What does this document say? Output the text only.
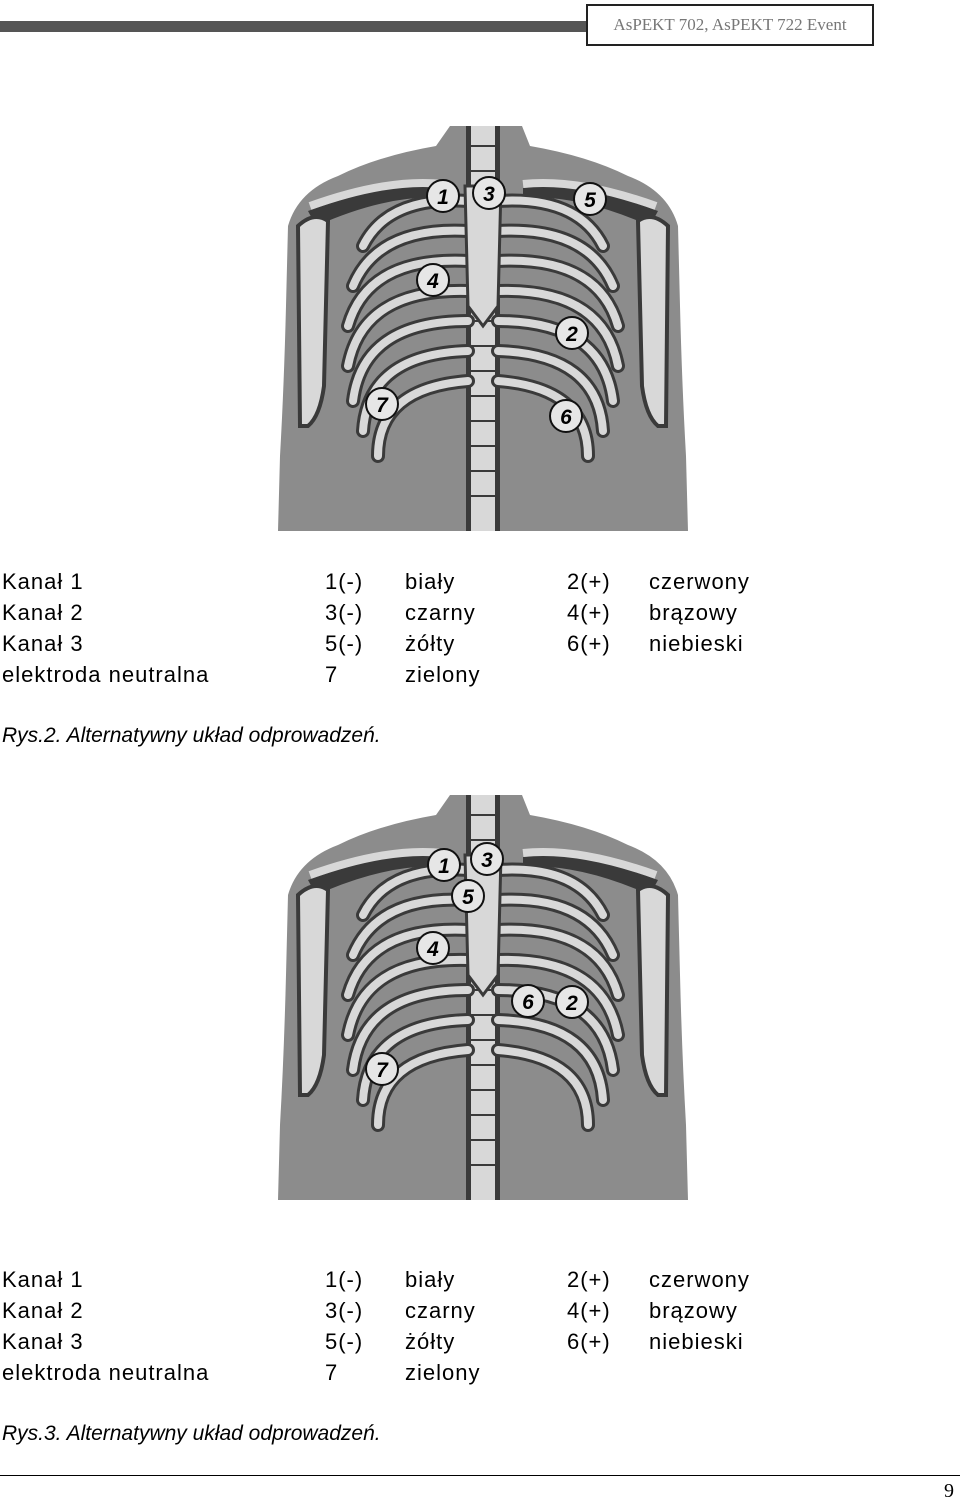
AsPEKT 702, AsPEKT 722 Event
1 3	5
4
2
7
6
Kanał 1	1(-) biały	2(+) czerwony
Kanał 2	3(-) czarny	4(+) brązowy
Kanał 3	5(-) żółty	6(+) niebieski
elektroda neutralna	7	zielony
Rys.2. Alternatywny układ odprowadzeń.
1 3
5
4
6 2
7
Kanał 1	1(-) biały	2(+) czerwony
Kanał 2	3(-) czarny	4(+) brązowy
Kanał 3	5(-) żółty	6(+) niebieski
elektroda neutralna	7	zielony
Rys.3. Alternatywny układ odprowadzeń.
9
